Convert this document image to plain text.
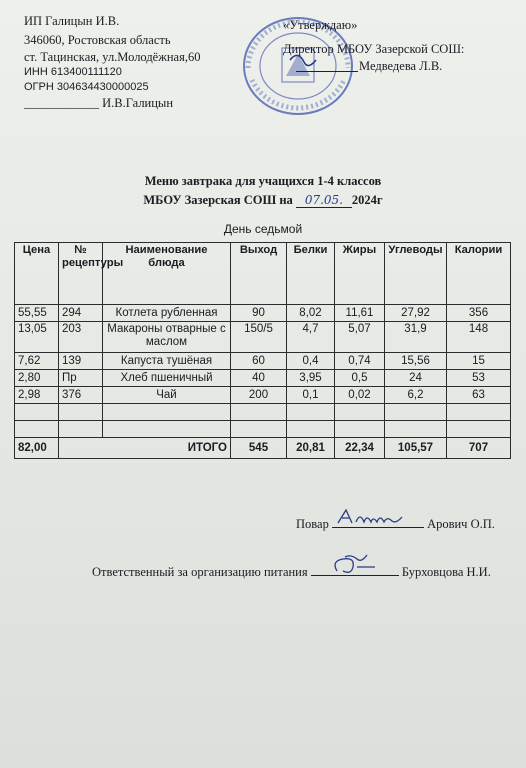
ИП Галицын И.В.
346060, Ростовская область
ст. Тацинская, ул.Молодёжная,60
ИНН 613400111120
ОГРН 304634430000025
____________ И.В.Галицын
«Утверждаю»
Директор МБОУ Зазерской СОШ:
Медведева Л.В.
Меню завтрака для учащихся 1-4 классов
МБОУ Зазерская СОШ на 07.05. 2024г
День седьмой
Цена	№ рецептуры	Наименование блюда	Выход	Белки	Жиры	Углеводы	Калории
55,55	294	Котлета рубленная	90	8,02	11,61	27,92	356
13,05	203	Макароны отварные с маслом	150/5	4,7	5,07	31,9	148
7,62	139	Капуста тушёная	60	0,4	0,74	15,56	15
2,80	Пр	Хлеб пшеничный	40	3,95	0,5	24	53
2,98	376	Чай	200	0,1	0,02	6,2	63

82,00	ИТОГО		545	20,81	22,34	105,57	707
Повар	Арович О.П.
Ответственный за организацию питания	Бурховцова Н.И.
